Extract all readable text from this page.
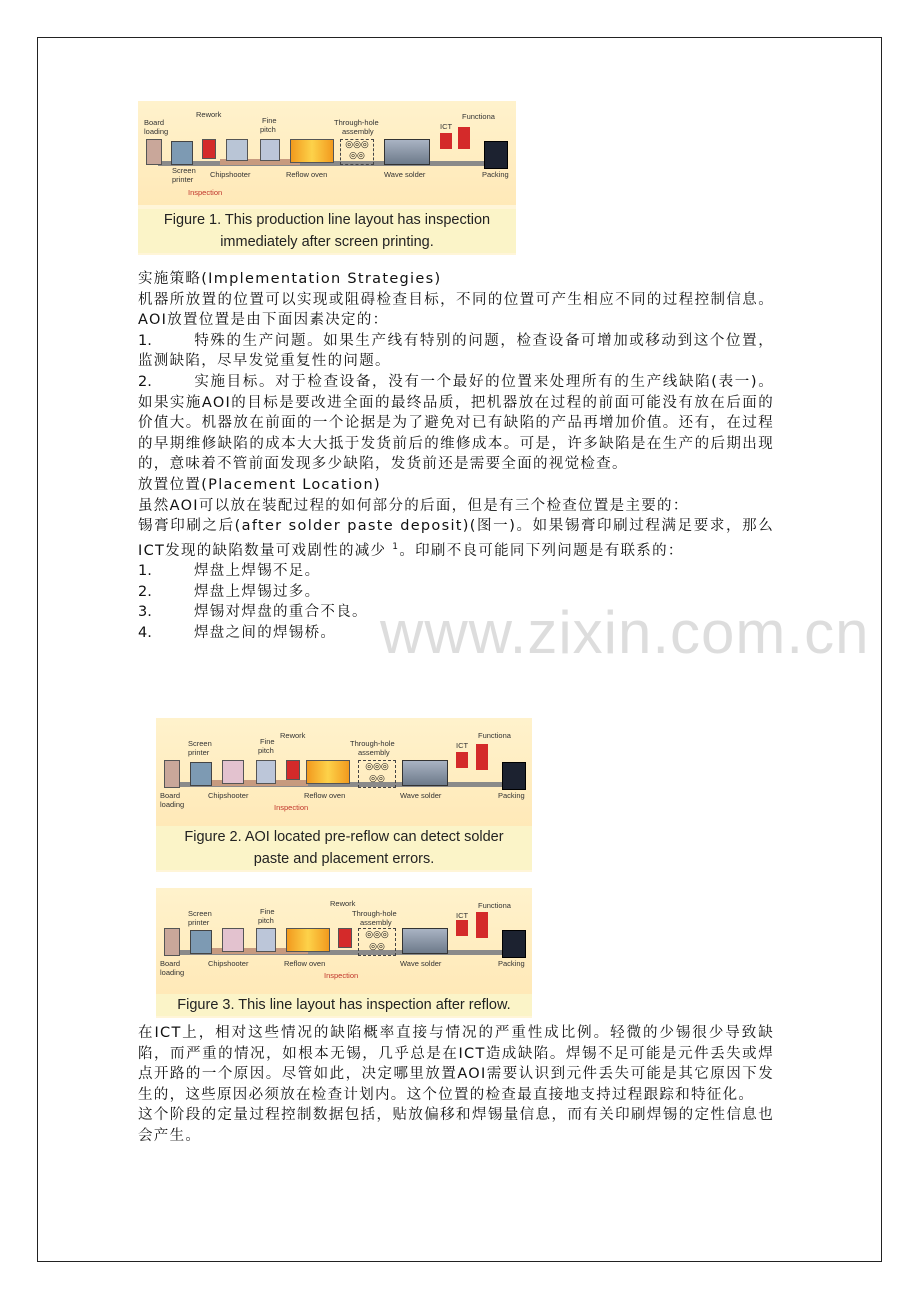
◎◎◎
◎◎
Board
loading
Rework
Fine
pitch
Through-hole
assembly
Functiona
ICT
Screen
printer
Chipshooter	Reflow oven	Wave solder	Packing
Inspection
Figure 1. This production line layout has inspection
immediately after screen printing.

实施策略(Implementation Strategies)

机器所放置的位置可以实现或阻碍检查目标，不同的位置可产生相应不同的过程控制信息。AOI放置位置是由下面因素决定的：

1.	特殊的生产问题。如果生产线有特别的问题，检查设备可增加或移动到这个位置，监测缺陷，尽早发觉重复性的问题。

2.	实施目标。对于检查设备，没有一个最好的位置来处理所有的生产线缺陷(表一)。如果实施AOI的目标是要改进全面的最终品质，把机器放在过程的前面可能没有放在后面的价值大。机器放在前面的一个论据是为了避免对已有缺陷的产品再增加价值。还有，在过程的早期维修缺陷的成本大大抵于发货前后的维修成本。可是，许多缺陷是在生产的后期出现的，意味着不管前面发现多少缺陷，发货前还是需要全面的视觉检查。

放置位置(Placement Location)

虽然AOI可以放在装配过程的如何部分的后面，但是有三个检查位置是主要的：

锡膏印刷之后(after solder paste deposit)(图一)。如果锡膏印刷过程满足要求，那么ICT发现的缺陷数量可戏剧性的减少 $^1$。印刷不良可能同下列问题是有联系的：

1.	焊盘上焊锡不足。

2.	焊盘上焊锡过多。

3.	焊锡对焊盘的重合不良。

4.	焊盘之间的焊锡桥。 www.zixin.com.cn
◎◎◎
◎◎
Screen
printer
Fine
pitch
Rework
Through-hole
assembly
Functiona
ICT
Board
loading
Chipshooter
Inspection
Reflow oven	Wave solder	Packing
Figure 2. AOI located pre-reflow can detect solder
paste and placement errors.
◎◎◎
◎◎
Screen
printer
Fine
pitch
Rework
Through-hole
assembly
Functiona
ICT
Board
loading
Chipshooter	Reflow oven
Inspection
Wave solder	Packing
Figure 3. This line layout has inspection after reflow.

在ICT上，相对这些情况的缺陷概率直接与情况的严重性成比例。轻微的少锡很少导致缺陷，而严重的情况，如根本无锡，几乎总是在ICT造成缺陷。焊锡不足可能是元件丢失或焊点开路的一个原因。尽管如此，决定哪里放置AOI需要认识到元件丢失可能是其它原因下发生的，这些原因必须放在检查计划内。这个位置的检查最直接地支持过程跟踪和特征化。

这个阶段的定量过程控制数据包括，贴放偏移和焊锡量信息，而有关印刷焊锡的定性信息也会产生。
